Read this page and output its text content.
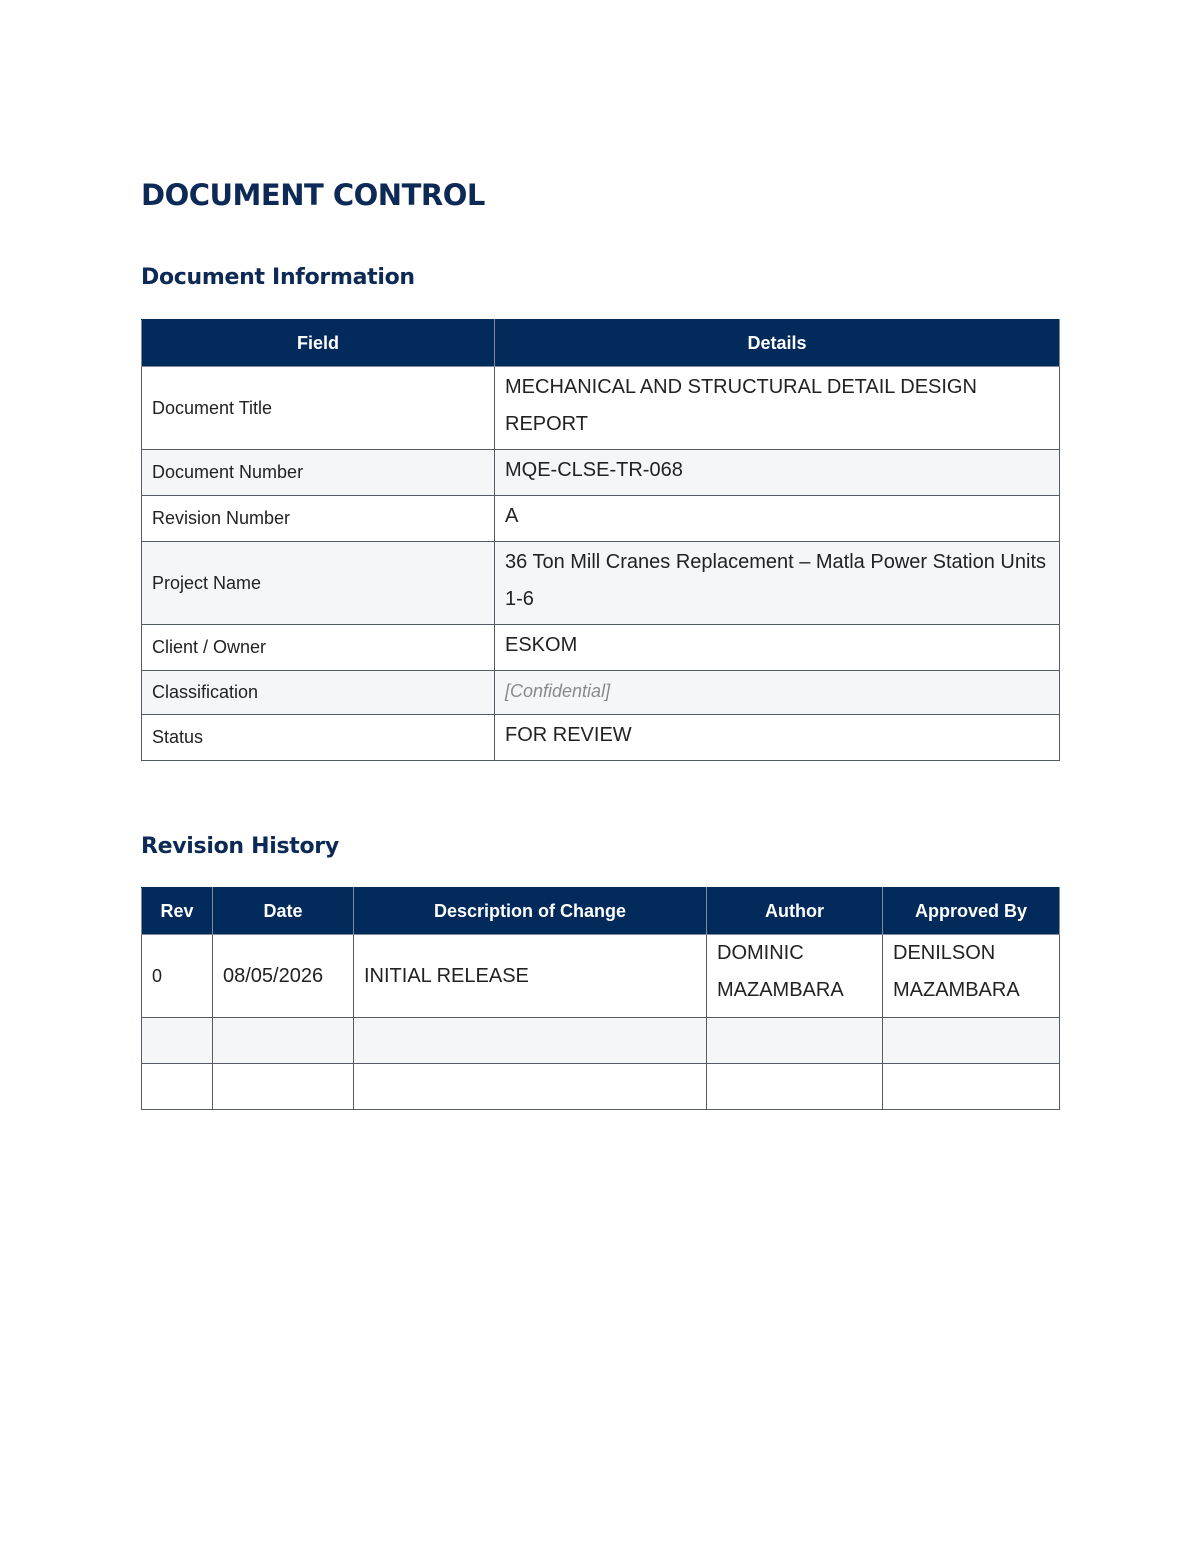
DOCUMENT CONTROL
Document Information
Field	Details
Document Title	MECHANICAL AND STRUCTURAL DETAIL DESIGN REPORT
Document Number	MQE-CLSE-TR-068
Revision Number	A
Project Name	36 Ton Mill Cranes Replacement – Matla Power Station Units 1-6
Client / Owner	ESKOM
Classification	[Confidential]
Status	FOR REVIEW
Revision History
Rev	Date	Description of Change	Author	Approved By
0	08/05/2026	INITIAL RELEASE	DOMINIC MAZAMBARA	DENILSON MAZAMBARA
